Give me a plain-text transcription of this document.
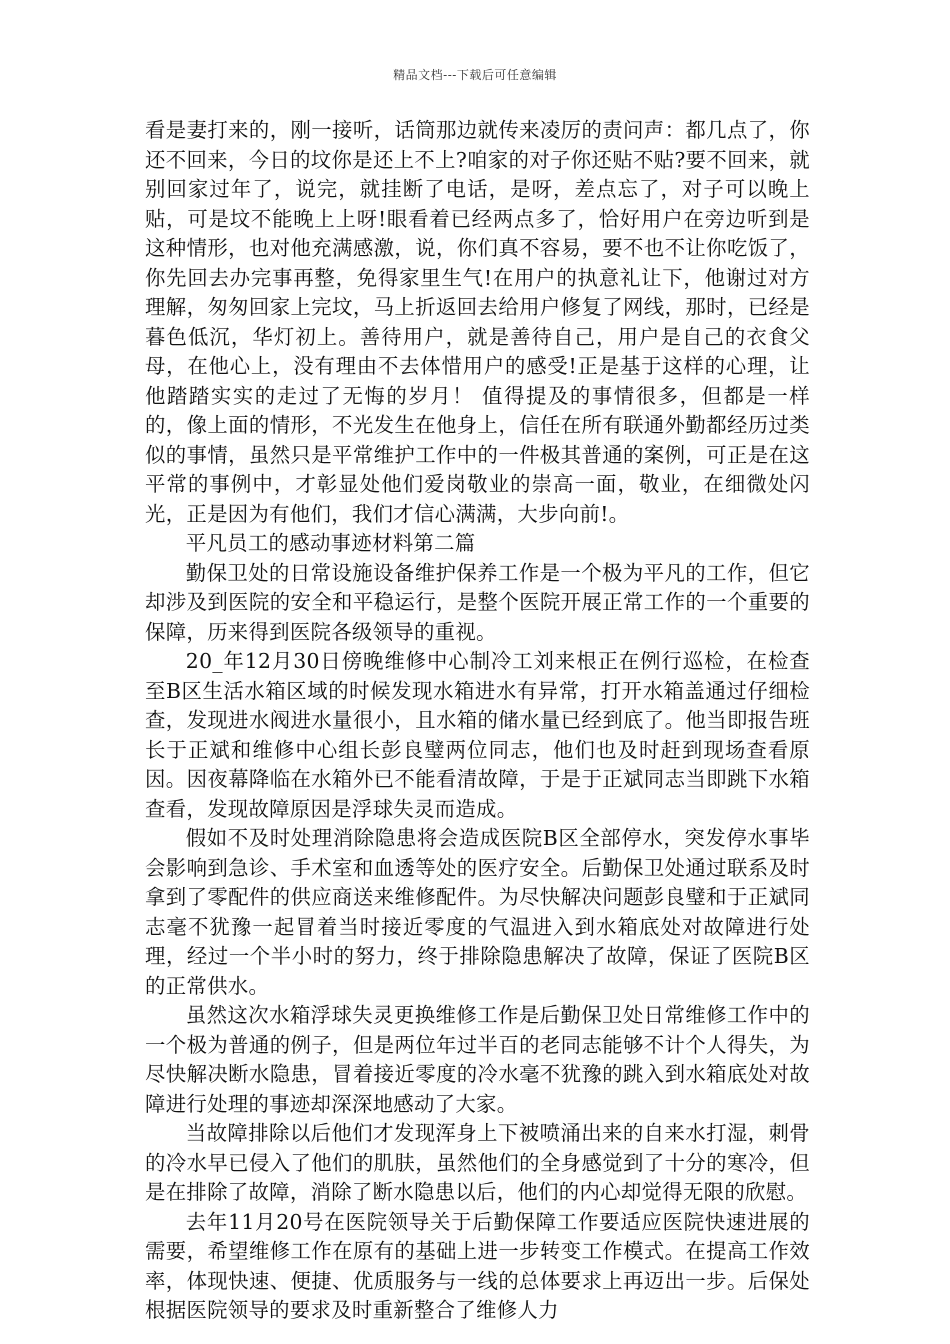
精品文档---下载后可任意编辑

看是妻打来的，刚一接听，话筒那边就传来凌厉的责问声：都几点了，你还不回来，今日的坟你是还上不上?咱家的对子你还贴不贴?要不回来，就别回家过年了，说完，就挂断了电话，是呀，差点忘了，对子可以晚上贴，可是坟不能晚上上呀!眼看着已经两点多了，恰好用户在旁边听到是这种情形，也对他充满感激，说，你们真不容易，要不也不让你吃饭了，你先回去办完事再整，免得家里生气!在用户的执意礼让下，他谢过对方理解，匆匆回家上完坟，马上折返回去给用户修复了网线，那时，已经是暮色低沉，华灯初上。善待用户，就是善待自己，用户是自己的衣食父母，在他心上，没有理由不去体惜用户的感受!正是基于这样的心理，让他踏踏实实的走过了无悔的岁月！ 值得提及的事情很多，但都是一样的，像上面的情形，不光发生在他身上，信任在所有联通外勤都经历过类似的事情，虽然只是平常维护工作中的一件极其普通的案例，可正是在这平常的事例中，才彰显处他们爱岗敬业的崇高一面，敬业，在细微处闪光，正是因为有他们，我们才信心满满，大步向前!。

平凡员工的感动事迹材料第二篇

勤保卫处的日常设施设备维护保养工作是一个极为平凡的工作，但它却涉及到医院的安全和平稳运行，是整个医院开展正常工作的一个重要的保障，历来得到医院各级领导的重视。

20_年12月30日傍晚维修中心制冷工刘来根正在例行巡检，在检查至B区生活水箱区域的时候发现水箱进水有异常，打开水箱盖通过仔细检查，发现进水阀进水量很小，且水箱的储水量已经到底了。他当即报告班长于正斌和维修中心组长彭良璧两位同志，他们也及时赶到现场查看原因。因夜幕降临在水箱外已不能看清故障，于是于正斌同志当即跳下水箱查看，发现故障原因是浮球失灵而造成。

假如不及时处理消除隐患将会造成医院B区全部停水，突发停水事毕会影响到急诊、手术室和血透等处的医疗安全。后勤保卫处通过联系及时拿到了零配件的供应商送来维修配件。为尽快解决问题彭良璧和于正斌同志毫不犹豫一起冒着当时接近零度的气温进入到水箱底处对故障进行处理，经过一个半小时的努力，终于排除隐患解决了故障，保证了医院B区的正常供水。

虽然这次水箱浮球失灵更换维修工作是后勤保卫处日常维修工作中的一个极为普通的例子，但是两位年过半百的老同志能够不计个人得失，为尽快解决断水隐患，冒着接近零度的冷水毫不犹豫的跳入到水箱底处对故障进行处理的事迹却深深地感动了大家。

当故障排除以后他们才发现浑身上下被喷涌出来的自来水打湿，刺骨的冷水早已侵入了他们的肌肤，虽然他们的全身感觉到了十分的寒冷，但是在排除了故障，消除了断水隐患以后，他们的内心却觉得无限的欣慰。

去年11月20号在医院领导关于后勤保障工作要适应医院快速进展的需要，希望维修工作在原有的基础上进一步转变工作模式。在提高工作效率，体现快速、便捷、优质服务与一线的总体要求上再迈出一步。后保处根据医院领导的要求及时重新整合了维修人力
